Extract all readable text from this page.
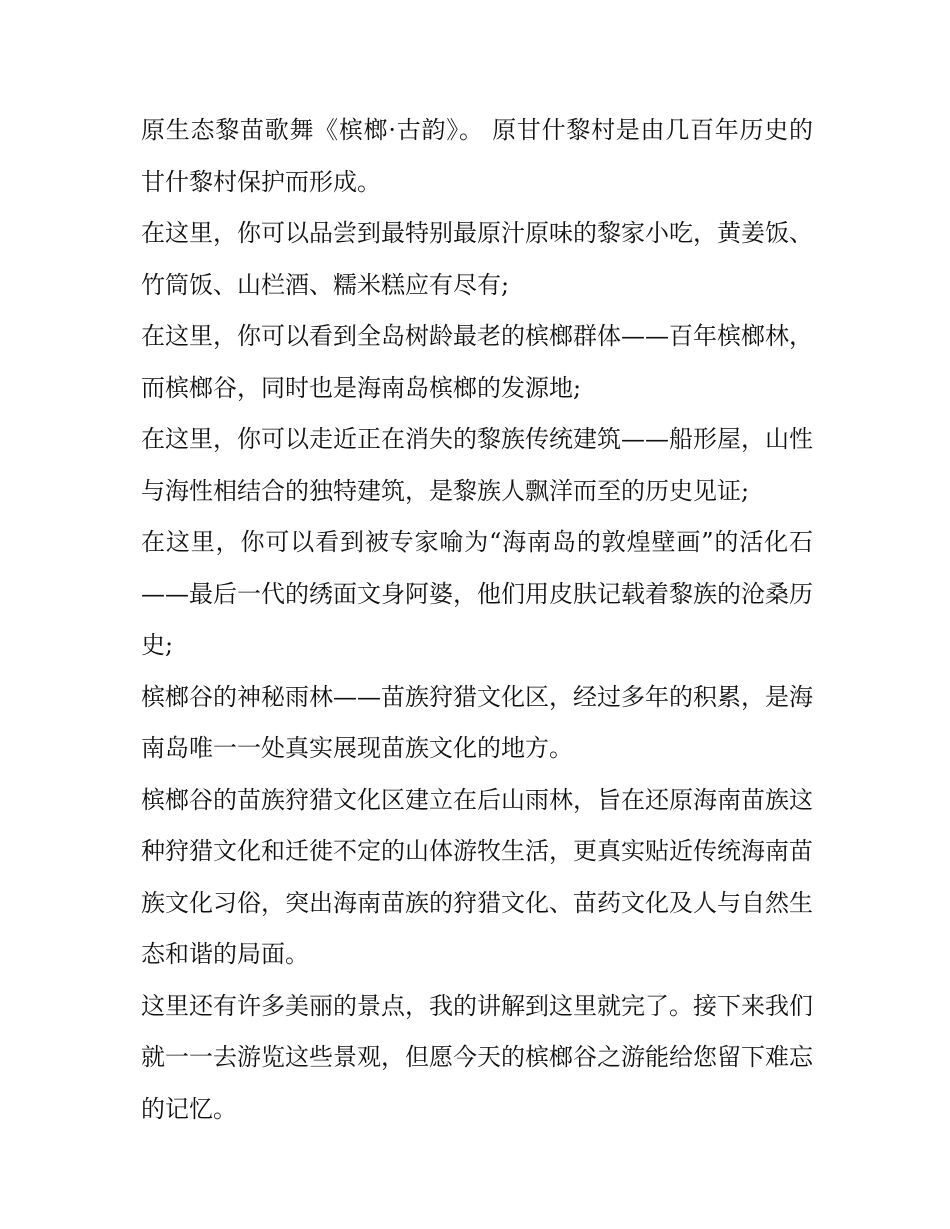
原生态黎苗歌舞《槟榔·古韵》。 原甘什黎村是由几百年历史的甘什黎村保护而形成。

在这里，你可以品尝到最特别最原汁原味的黎家小吃，黄姜饭、竹筒饭、山栏酒、糯米糕应有尽有;

在这里，你可以看到全岛树龄最老的槟榔群体——百年槟榔林，而槟榔谷，同时也是海南岛槟榔的发源地;

在这里，你可以走近正在消失的黎族传统建筑——船形屋，山性与海性相结合的独特建筑，是黎族人飘洋而至的历史见证;

在这里，你可以看到被专家喻为“海南岛的敦煌壁画”的活化石——最后一代的绣面文身阿婆，他们用皮肤记载着黎族的沧桑历史;

槟榔谷的神秘雨林——苗族狩猎文化区，经过多年的积累，是海南岛唯一一处真实展现苗族文化的地方。

槟榔谷的苗族狩猎文化区建立在后山雨林，旨在还原海南苗族这种狩猎文化和迁徙不定的山体游牧生活，更真实贴近传统海南苗族文化习俗，突出海南苗族的狩猎文化、苗药文化及人与自然生态和谐的局面。

这里还有许多美丽的景点，我的讲解到这里就完了。接下来我们就一一去游览这些景观，但愿今天的槟榔谷之游能给您留下难忘的记忆。
